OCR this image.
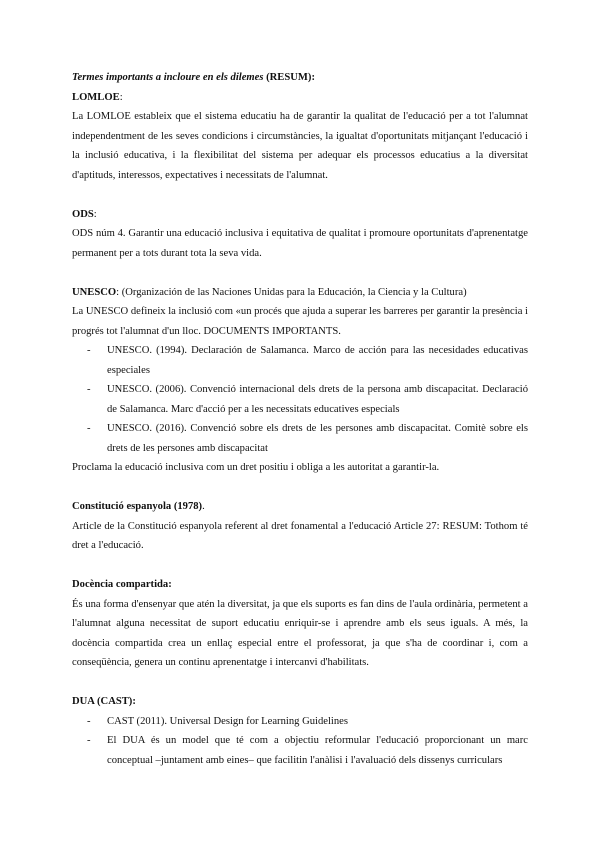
Termes importants a incloure en els dilemes (RESUM):
LOMLOE:
La LOMLOE estableix que el sistema educatiu ha de garantir la qualitat de l'educació per a tot l'alumnat independentment de les seves condicions i circumstàncies, la igualtat d'oportunitats mitjançant l'educació i la inclusió educativa, i la flexibilitat del sistema per adequar els processos educatius a la diversitat d'aptituds, interessos, expectatives i necessitats de l'alumnat.
ODS:
ODS núm 4. Garantir una educació inclusiva i equitativa de qualitat i promoure oportunitats d'aprenentatge permanent per a tots durant tota la seva vida.
UNESCO: (Organización de las Naciones Unidas para la Educación, la Ciencia y la Cultura)
La UNESCO defineix la inclusió com «un procés que ajuda a superar les barreres per garantir la presència i progrés tot l'alumnat d'un lloc. DOCUMENTS IMPORTANTS.
- UNESCO. (1994). Declaración de Salamanca. Marco de acción para las necesidades educativas especiales
- UNESCO. (2006). Convenció internacional dels drets de la persona amb discapacitat. Declaració de Salamanca. Marc d'acció per a les necessitats educatives especials
- UNESCO. (2016). Convenció sobre els drets de les persones amb discapacitat. Comitè sobre els drets de les persones amb discapacitat
Proclama la educació inclusiva com un dret positiu i obliga a les autoritat a garantir-la.
Constitució espanyola (1978).
Article de la Constitució espanyola referent al dret fonamental a l'educació Article 27: RESUM: Tothom té dret a l'educació.
Docència compartida:
És una forma d'ensenyar que atén la diversitat, ja que els suports es fan dins de l'aula ordinària, permetent a l'alumnat alguna necessitat de suport educatiu enriquir-se i aprendre amb els seus iguals. A més, la docència compartida crea un enllaç especial entre el professorat, ja que s'ha de coordinar i, com a conseqüència, genera un continu aprenentatge i intercanvi d'habilitats.
DUA (CAST):
- CAST (2011). Universal Design for Learning Guidelines
- El DUA és un model que té com a objectiu reformular l'educació proporcionant un marc conceptual –juntament amb eines– que facilitin l'anàlisi i l'avaluació dels dissenys curriculars
